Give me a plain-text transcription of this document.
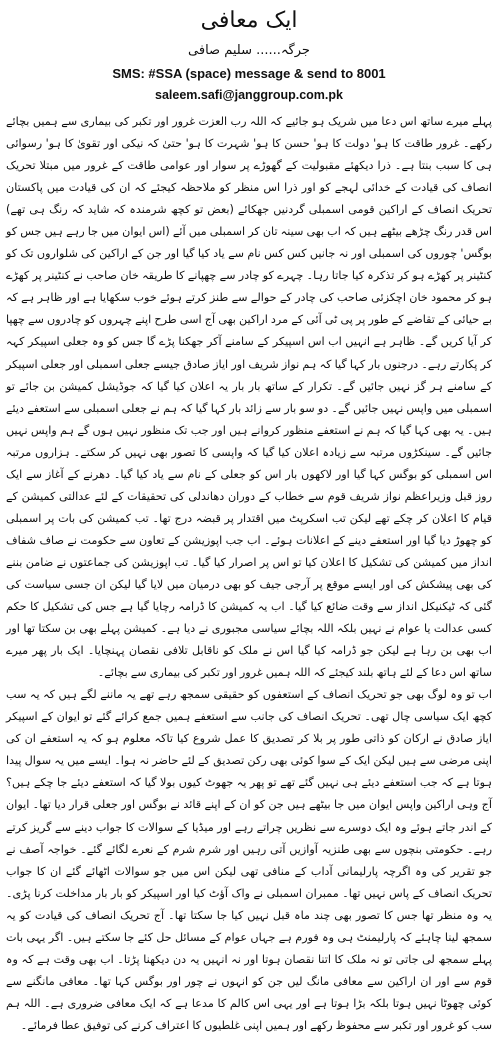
ایک معافی
جرگہ...... سلیم صافی
SMS: #SSA (space) message & send to 8001
saleem.safi@janggroup.com.pk

پہلے میرے ساتھ اس دعا میں شریک ہو جائیے کہ اللہ رب العزت غرور اور تکبر کی بیماری سے ہمیں بچائے رکھے۔ غرور طاقت کا ہو' دولت کا ہو' حسن کا ہو' شہرت کا ہو' حتیٰ کہ نیکی اور تقویٰ کا ہو' رسوائی ہی کا سبب بنتا ہے۔ ذرا دیکھئے مقبولیت کے گھوڑے پر سوار اور عوامی طاقت کے غرور میں مبتلا تحریک انصاف کی قیادت کے خدائی لہجے کو اور ذرا اس منظر کو ملاحظہ کیجئے کہ ان کی قیادت میں پاکستان تحریک انصاف کے اراکین قومی اسمبلی گردنیں جھکائے (بعض تو کچھ شرمندہ کہ شاید کہ رنگ ہی تھے) اس قدر رنگ چڑھے بیٹھے ہیں کہ اب بھی سینہ تان کر اسمبلی میں آئے (اس ایوان میں جا رہے ہیں جس کو بوگس' چوروں کی اسمبلی اور نہ جانیں کس کس نام سے یاد کیا گیا اور جن کے اراکین کی شلواروں تک کو کنٹینر پر کھڑے ہو کر تذکرہ کیا جاتا رہا۔ چہرے کو چادر سے چھپانے کا طریقہ خان صاحب نے کنٹینر پر کھڑے ہو کر محمود خان اچکزئی صاحب کی چادر کے حوالے سے طنز کرتے ہوئے خوب سکھایا ہے اور ظاہر ہے کہ بے حیائی کے تقاضے کے طور پر پی ٹی آئی کے مرد اراکین بھی آج اسی طرح اپنے چہروں کو چادروں سے چھپا کر آیا کریں گے۔ ظاہر ہے انہیں اب اس اسپیکر کے سامنے آکر جھکنا پڑے گا جس کو وہ جعلی اسپیکر کہہ کر پکارتے رہے۔ درجنوں بار کہا گیا کہ ہم نواز شریف اور ایاز صادق جیسے جعلی اسمبلی اور جعلی اسپیکر کے سامنے ہر گز نہیں جائیں گے۔ تکرار کے ساتھ بار بار یہ اعلان کیا گیا کہ جوڈیشل کمیشن بن جائے تو اسمبلی میں واپس نہیں جائیں گے۔ دو سو بار سے زائد بار کہا گیا کہ ہم نے جعلی اسمبلی سے استعفے دیئے ہیں۔ یہ بھی کہا گیا کہ ہم نے استعفے منظور کروانے ہیں اور جب تک منظور نہیں ہوں گے ہم واپس نہیں جائیں گے۔ سینکڑوں مرتبہ سے زیادہ اعلان کیا گیا کہ واپسی کا تصور بھی نہیں کر سکتے۔ ہزاروں مرتبہ اس اسمبلی کو بوگس کہا گیا اور لاکھوں بار اس کو جعلی کے نام سے یاد کیا گیا۔ دھرنے کے آغاز سے ایک روز قبل وزیراعظم نواز شریف قوم سے خطاب کے دوران دھاندلی کی تحقیقات کے لئے عدالتی کمیشن کے قیام کا اعلان کر چکے تھے لیکن تب اسکرپٹ میں اقتدار پر قبضہ درج تھا۔ تب کمیشن کی بات پر اسمبلی کو چھوڑ دیا گیا اور استعفے دینے کے اعلانات ہوئے۔ اب جب اپوزیشن کے تعاون سے حکومت نے صاف شفاف انداز میں کمیشن کی تشکیل کا اعلان کیا تو اس پر اصرار کیا گیا۔ تب اپوزیشن کی جماعتوں نے ضامن بننے کی بھی پیشکش کی اور ایسے موقع پر آرجی جیف کو بھی درمیان میں لایا گیا لیکن ان جسی سیاست کی گئی کہ ٹیکنیکل انداز سے وقت ضائع کیا گیا۔ اب یہ کمیشن کا ڈرامہ رچایا گیا ہے جس کی تشکیل کا حکم کسی عدالت یا عوام نے نہیں بلکہ اللہ بچائے سیاسی مجبوری نے دیا ہے۔ کمیشن پہلے بھی بن سکتا تھا اور اب بھی بن رہا ہے لیکن جو ڈرامہ کیا گیا اس نے ملک کو ناقابل تلافی نقصان پہنچایا۔ ایک بار پھر میرے ساتھ اس دعا کے لئے ہاتھ بلند کیجئے کہ اللہ ہمیں غرور اور تکبر کی بیماری سے بچائے۔

اب تو وہ لوگ بھی جو تحریک انصاف کے استعفوں کو حقیقی سمجھ رہے تھے یہ ماننے لگے ہیں کہ یہ سب کچھ ایک سیاسی چال تھی۔ تحریک انصاف کی جانب سے استعفے ہمیں جمع کرائے گئے تو ایوان کے اسپیکر ایاز صادق نے ارکان کو ذاتی طور پر بلا کر تصدیق کا عمل شروع کیا تاکہ معلوم ہو کہ یہ استعفے ان کی اپنی مرضی سے ہیں لیکن ایک کے سوا کوئی بھی رکن تصدیق کے لئے حاضر نہ ہوا۔ ایسے میں یہ سوال پیدا ہوتا ہے کہ جب استعفے دیئے ہی نہیں گئے تھے تو پھر یہ جھوٹ کیوں بولا گیا کہ استعفے دیئے جا چکے ہیں؟ آج وہی اراکین واپس ایوان میں جا بیٹھے ہیں جن کو ان کے اپنے قائد نے بوگس اور جعلی قرار دیا تھا۔ ایوان کے اندر جاتے ہوئے وہ ایک دوسرے سے نظریں چراتے رہے اور میڈیا کے سوالات کا جواب دینے سے گریز کرتے رہے۔ حکومتی بنچوں سے بھی طنزیہ آوازیں آتی رہیں اور شرم شرم کے نعرے لگائے گئے۔ خواجہ آصف نے جو تقریر کی وہ اگرچہ پارلیمانی آداب کے منافی تھی لیکن اس میں جو سوالات اٹھائے گئے ان کا جواب تحریک انصاف کے پاس نہیں تھا۔ ممبران اسمبلی نے واک آؤٹ کیا اور اسپیکر کو بار بار مداخلت کرنا پڑی۔ یہ وہ منظر تھا جس کا تصور بھی چند ماہ قبل نہیں کیا جا سکتا تھا۔ آج تحریک انصاف کی قیادت کو یہ سمجھ لینا چاہئے کہ پارلیمنٹ ہی وہ فورم ہے جہاں عوام کے مسائل حل کئے جا سکتے ہیں۔ اگر یہی بات پہلے سمجھ لی جاتی تو نہ ملک کا اتنا نقصان ہوتا اور نہ انہیں یہ دن دیکھنا پڑتا۔ اب بھی وقت ہے کہ وہ قوم سے اور ان اراکین سے معافی مانگ لیں جن کو انہوں نے چور اور بوگس کہا تھا۔ معافی مانگنے سے کوئی چھوٹا نہیں ہوتا بلکہ بڑا ہوتا ہے اور یہی اس کالم کا مدعا ہے کہ ایک معافی ضروری ہے۔ اللہ ہم سب کو غرور اور تکبر سے محفوظ رکھے اور ہمیں اپنی غلطیوں کا اعتراف کرنے کی توفیق عطا فرمائے۔
